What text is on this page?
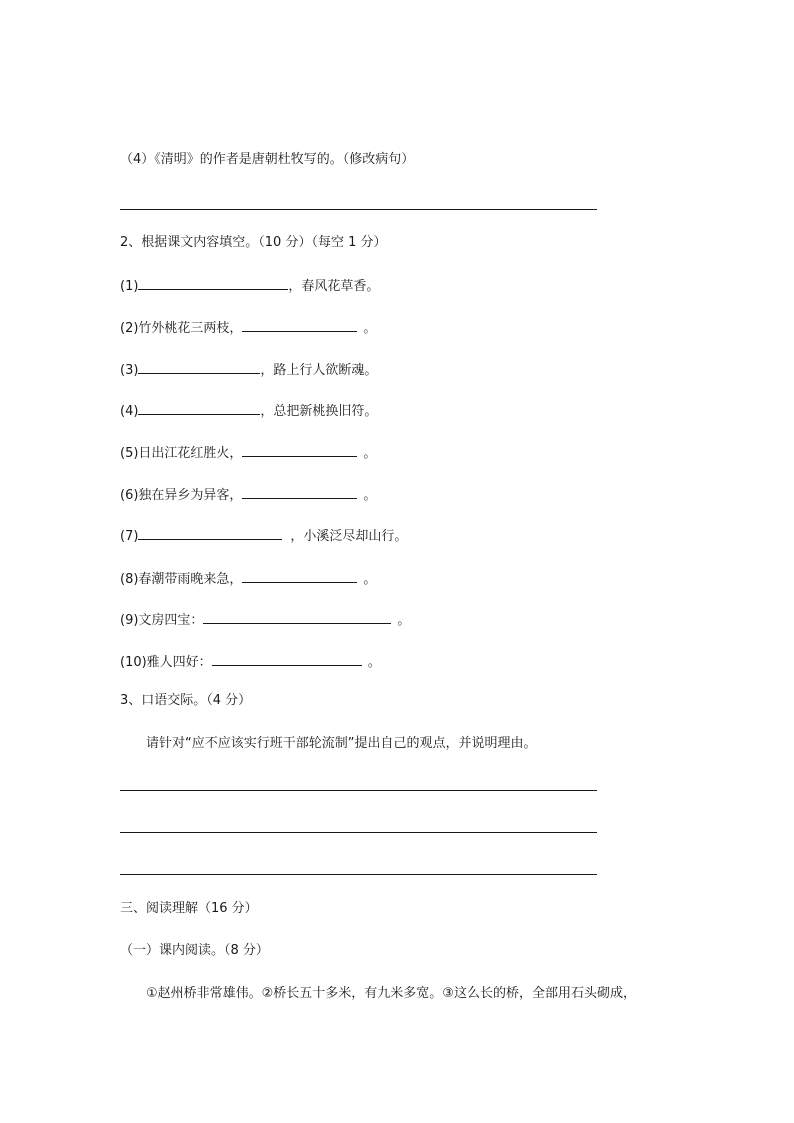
（4）《清明》的作者是唐朝杜牧写的。（修改病句）
2、根据课文内容填空。（10 分）（每空 1 分）
(1)	，春风花草香。
(2)竹外桃花三两枝，	。
(3)	，路上行人欲断魂。
(4)	，总把新桃换旧符。
(5)日出江花红胜火，	。
(6)独在异乡为异客，	。
(7)	，小溪泛尽却山行。
(8)春潮带雨晚来急，	。
(9)文房四宝：	。
(10)雅人四好：	。
3、口语交际。（4 分）
请针对“应不应该实行班干部轮流制”提出自己的观点，并说明理由。
三、阅读理解（16 分）
（一）课内阅读。（8 分）
①赵州桥非常雄伟。②桥长五十多米，有九米多宽。③这么长的桥，全部用石头砌成，
